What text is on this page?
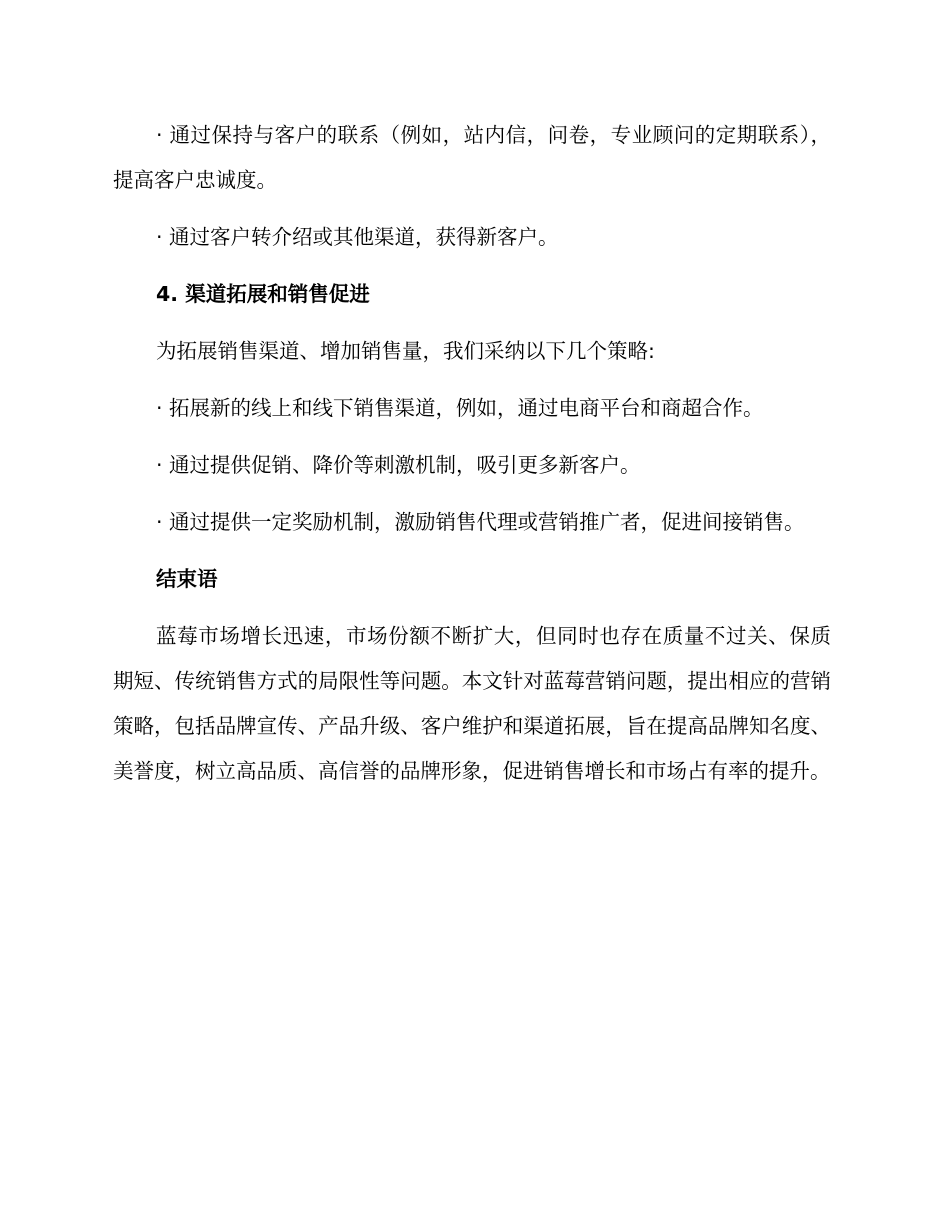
· 通过保持与客户的联系（例如，站内信，问卷，专业顾问的定期联系），提高客户忠诚度。

· 通过客户转介绍或其他渠道，获得新客户。

4. 渠道拓展和销售促进

为拓展销售渠道、增加销售量，我们采纳以下几个策略:

· 拓展新的线上和线下销售渠道，例如，通过电商平台和商超合作。

· 通过提供促销、降价等刺激机制，吸引更多新客户。

· 通过提供一定奖励机制，激励销售代理或营销推广者，促进间接销售。

结束语

蓝莓市场增长迅速，市场份额不断扩大，但同时也存在质量不过关、保质期短、传统销售方式的局限性等问题。本文针对蓝莓营销问题，提出相应的营销策略，包括品牌宣传、产品升级、客户维护和渠道拓展，旨在提高品牌知名度、美誉度，树立高品质、高信誉的品牌形象，促进销售增长和市场占有率的提升。
